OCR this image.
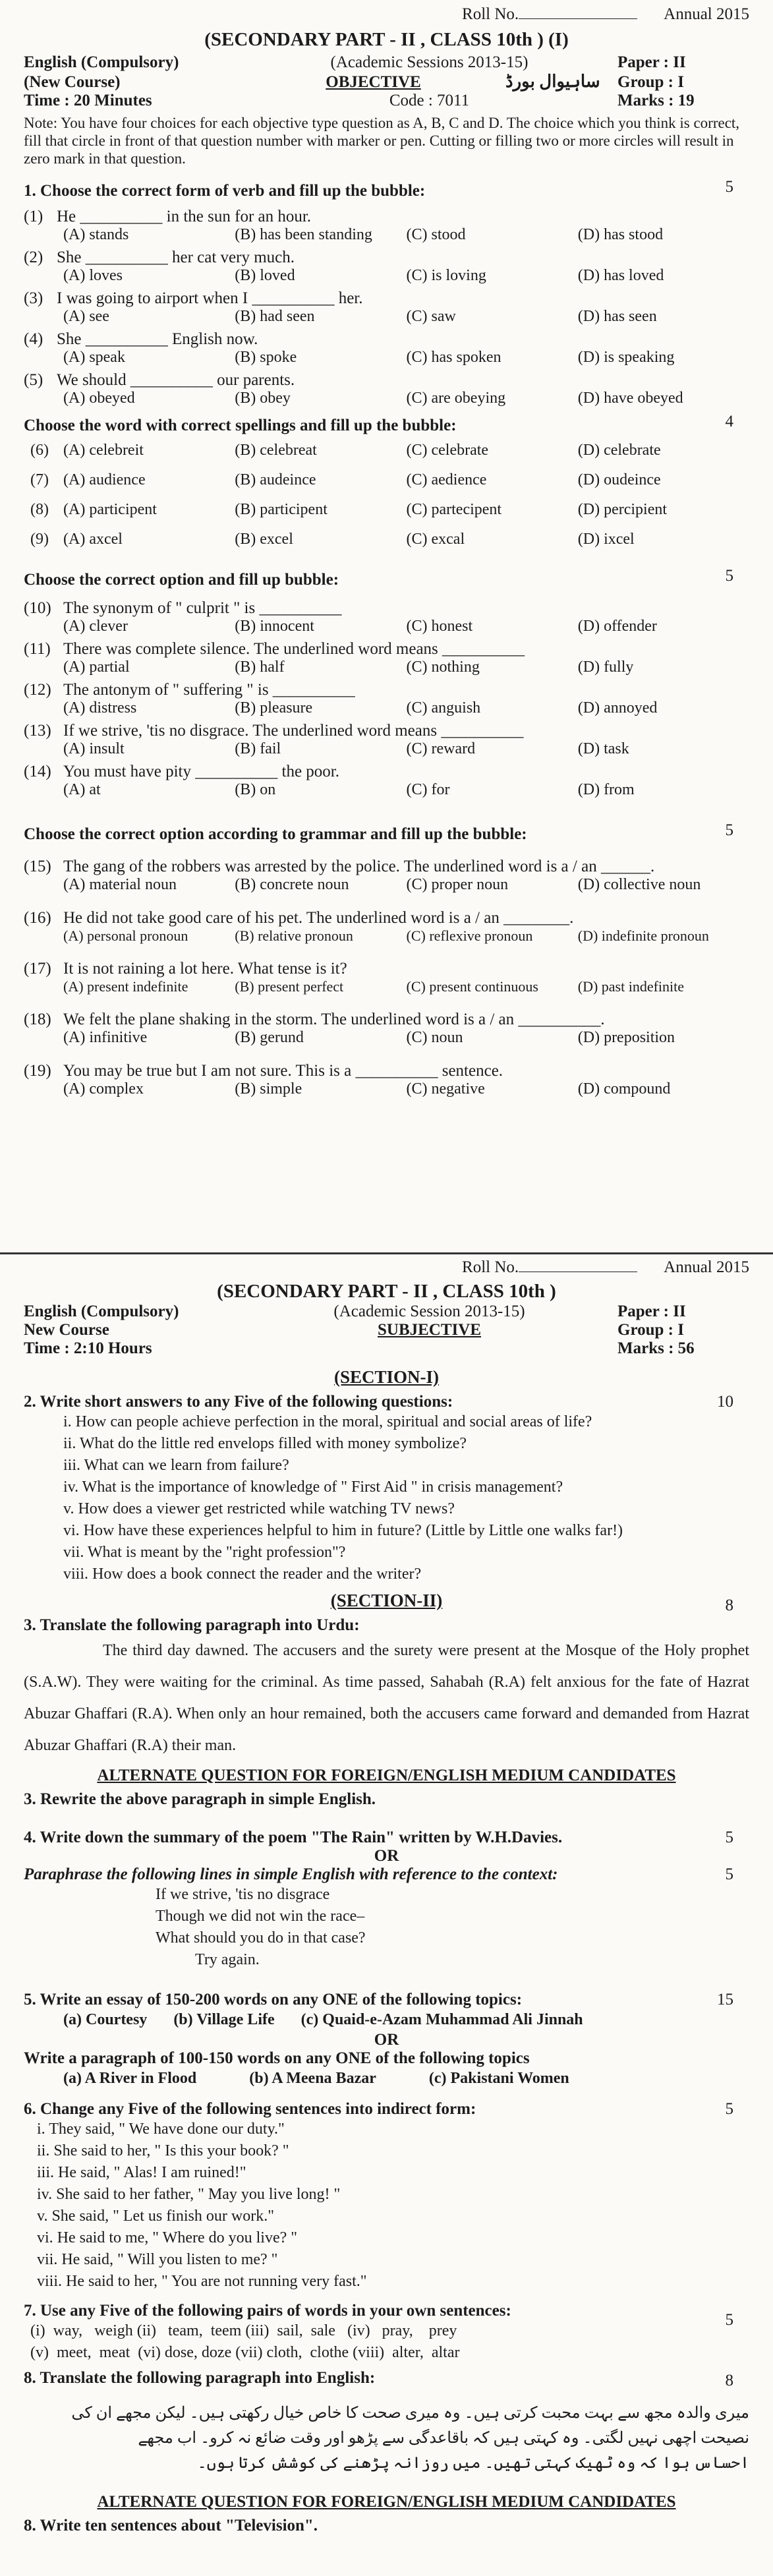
Roll No.	Annual 2015
(SECONDARY PART - II , CLASS 10th ) (I)
English (Compulsory)	(Academic Sessions 2013-15)	Paper : II
(New Course)	OBJECTIVE	ساہیوال بورڈ	Group : I
Time : 20 Minutes	Code : 7011	Marks : 19
Note: You have four choices for each objective type question as A, B, C and D. The choice which you think is correct, fill that circle in front of that question number with marker or pen. Cutting or filling two or more circles will result in zero mark in that question.
5
1. Choose the correct form of verb and fill up the bubble:
(1) He __________ in the sun for an hour.
(A) stands	(B) has been standing	(C) stood	(D) has stood
(2) She __________ her cat very much.
(A) loves	(B) loved	(C) is loving	(D) has loved
(3) I was going to airport when I __________ her.
(A) see	(B) had seen	(C) saw	(D) has seen
(4) She __________ English now.
(A) speak	(B) spoke	(C) has spoken	(D) is speaking
(5) We should __________ our parents.
(A) obeyed	(B) obey	(C) are obeying	(D) have obeyed
4
Choose the word with correct spellings and fill up the bubble:
(6) (A) celebreit	(B) celebreat	(C) celebrate	(D) celebrate
(7) (A) audience	(B) audeince	(C) aedience	(D) oudeince
(8) (A) participent	(B) participent	(C) partecipent	(D) percipient
(9) (A) axcel	(B) excel	(C) excal	(D) ixcel
5
Choose the correct option and fill up bubble:
(10) The synonym of " culprit " is __________
(A) clever	(B) innocent	(C) honest	(D) offender
(11) There was complete silence. The underlined word means __________
(A) partial	(B) half	(C) nothing	(D) fully
(12) The antonym of " suffering " is __________
(A) distress	(B) pleasure	(C) anguish	(D) annoyed
(13) If we strive, 'tis no disgrace. The underlined word means __________
(A) insult	(B) fail	(C) reward	(D) task
(14) You must have pity __________ the poor.
(A) at	(B) on	(C) for	(D) from
5
Choose the correct option according to grammar and fill up the bubble:
(15) The gang of the robbers was arrested by the police. The underlined word is a / an ______.
(A) material noun	(B) concrete noun	(C) proper noun	(D) collective noun
(16) He did not take good care of his pet. The underlined word is a / an ________.
(A) personal pronoun	(B) relative pronoun	(C) reflexive pronoun	(D) indefinite pronoun
(17) It is not raining a lot here. What tense is it?
(A) present indefinite	(B) present perfect	(C) present continuous	(D) past indefinite
(18) We felt the plane shaking in the storm. The underlined word is a / an __________.
(A) infinitive	(B) gerund	(C) noun	(D) preposition
(19) You may be true but I am not sure. This is a __________ sentence.
(A) complex	(B) simple	(C) negative	(D) compound
Roll No.	Annual 2015
(SECONDARY PART - II , CLASS 10th )
English (Compulsory)	(Academic Session 2013-15)	Paper : II
New Course	SUBJECTIVE	Group : I
Time : 2:10 Hours	Marks : 56
(SECTION-I)
10
2. Write short answers to any Five of the following questions:
i. How can people achieve perfection in the moral, spiritual and social areas of life?
ii. What do the little red envelops filled with money symbolize?
iii. What can we learn from failure?
iv. What is the importance of knowledge of " First Aid " in crisis management?
v. How does a viewer get restricted while watching TV news?
vi. How have these experiences helpful to him in future? (Little by Little one walks far!)
vii. What is meant by the "right profession"?
viii. How does a book connect the reader and the writer?
(SECTION-II)	8
3. Translate the following paragraph into Urdu:
The third day dawned. The accusers and the surety were present at the Mosque of the Holy prophet (S.A.W). They were waiting for the criminal. As time passed, Sahabah (R.A) felt anxious for the fate of Hazrat Abuzar Ghaffari (R.A). When only an hour remained, both the accusers came forward and demanded from Hazrat Abuzar Ghaffari (R.A) their man.
ALTERNATE QUESTION FOR FOREIGN/ENGLISH MEDIUM CANDIDATES
3. Rewrite the above paragraph in simple English.
5
4. Write down the summary of the poem "The Rain" written by W.H.Davies.
OR
5
Paraphrase the following lines in simple English with reference to the context:
If we strive, 'tis no disgrace
Though we did not win the race–
What should you do in that case?
Try again.
15
5. Write an essay of 150-200 words on any ONE of the following topics:
(a) Courtesy (b) Village Life (c) Quaid-e-Azam Muhammad Ali Jinnah
OR
Write a paragraph of 100-150 words on any ONE of the following topics
(a) A River in Flood	(b) A Meena Bazar	(c) Pakistani Women
5
6. Change any Five of the following sentences into indirect form:
i. They said, " We have done our duty."
ii. She said to her, " Is this your book? "
iii. He said, " Alas! I am ruined!"
iv. She said to her father, " May you live long! "
v. She said, " Let us finish our work."
vi. He said to me, " Where do you live? "
vii. He said, " Will you listen to me? "
viii. He said to her, " You are not running very fast."
5
7. Use any Five of the following pairs of words in your own sentences:
(i)  way,   weigh (ii)   team,  teem (iii)  sail,  sale   (iv)   pray,    prey
(v)  meet,  meat  (vi) dose, doze (vii) cloth,  clothe (viii)  alter,  altar
8
8. Translate the following paragraph into English:
میری والدہ مجھ سے بہت محبت کرتی ہیں۔ وہ میری صحت کا خاص خیال رکھتی ہیں۔ لیکن مجھے ان کی
نصیحت اچھی نہیں لگتی۔ وہ کہتی ہیں کہ باقاعدگی سے پڑھو اور وقت ضائع نہ کرو۔ اب مجھے
احساس ہوا کہ وہ ٹھیک کہتی تھیں۔ میں روزانہ پڑھنے کی کوشش کرتا ہوں۔
ALTERNATE QUESTION FOR FOREIGN/ENGLISH MEDIUM CANDIDATES
8. Write ten sentences about "Television".
